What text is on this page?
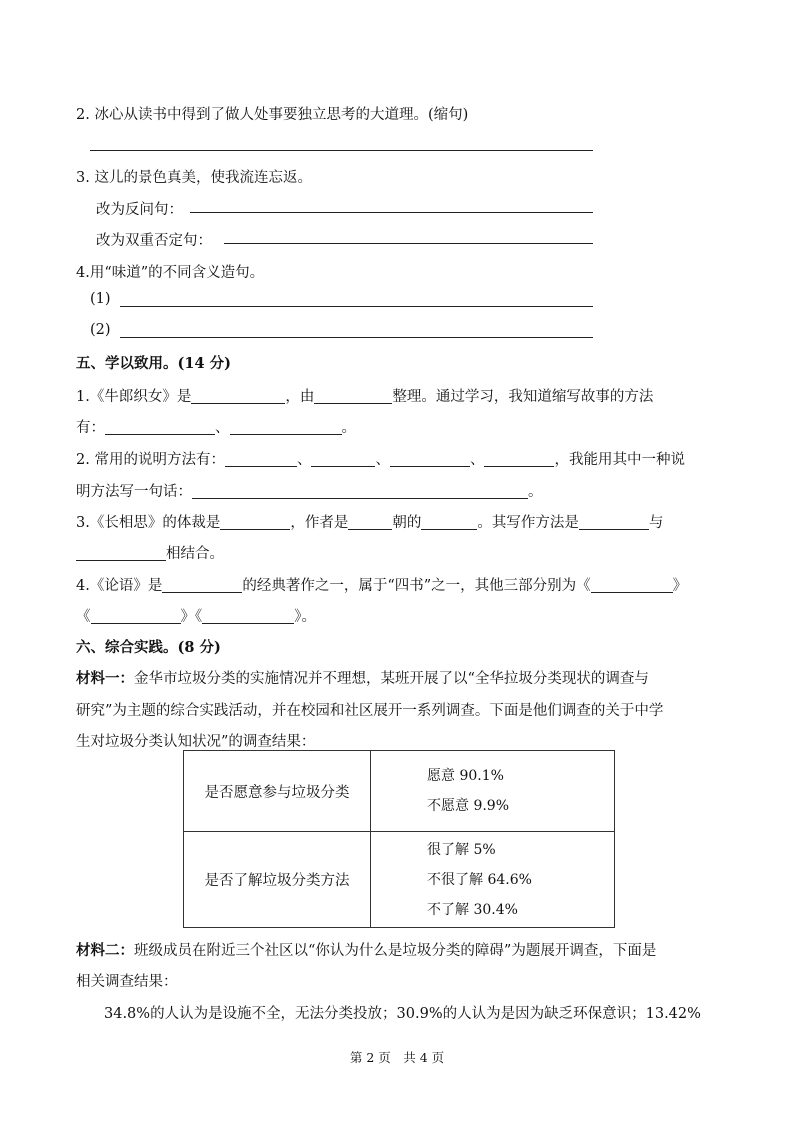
2. 冰心从读书中得到了做人处事要独立思考的大道理。(缩句)
3. 这儿的景色真美，使我流连忘返。
改为反问句：
改为双重否定句：
4.用“味道”的不同含义造句。
(1)
(2)
五、学以致用。(14 分)
1.《牛郎织女》是	，由	整理。通过学习，我知道缩写故事的方法
有：	、	。
2. 常用的说明方法有：	、	、	、	，我能用其中一种说
明方法写一句话：	。
3.《长相思》的体裁是	，作者是	朝的	。其写作方法是	与
相结合。
4.《论语》是	的经典著作之一，属于“四书”之一，其他三部分别为《	》
《	》《	》。
六、综合实践。(8 分)
材料一：金华市垃圾分类的实施情况并不理想，某班开展了以“全华拉圾分类现状的调查与
研究”为主题的综合实践活动，并在校园和社区展开一系列调查。下面是他们调查的关于中学
生对垃圾分类认知状况”的调查结果：
是否愿意参与垃圾分类	愿意 90.1%
不愿意 9.9%

是否了解垃圾分类方法	很了解 5%
不很了解 64.6%
不了解 30.4%
材料二：班级成员在附近三个社区以“你认为什么是垃圾分类的障碍”为题展开调查，下面是
相关调查结果：
34.8%的人认为是设施不全，无法分类投放；30.9%的人认为是因为缺乏环保意识；13.42%
第 2 页　共 4 页
